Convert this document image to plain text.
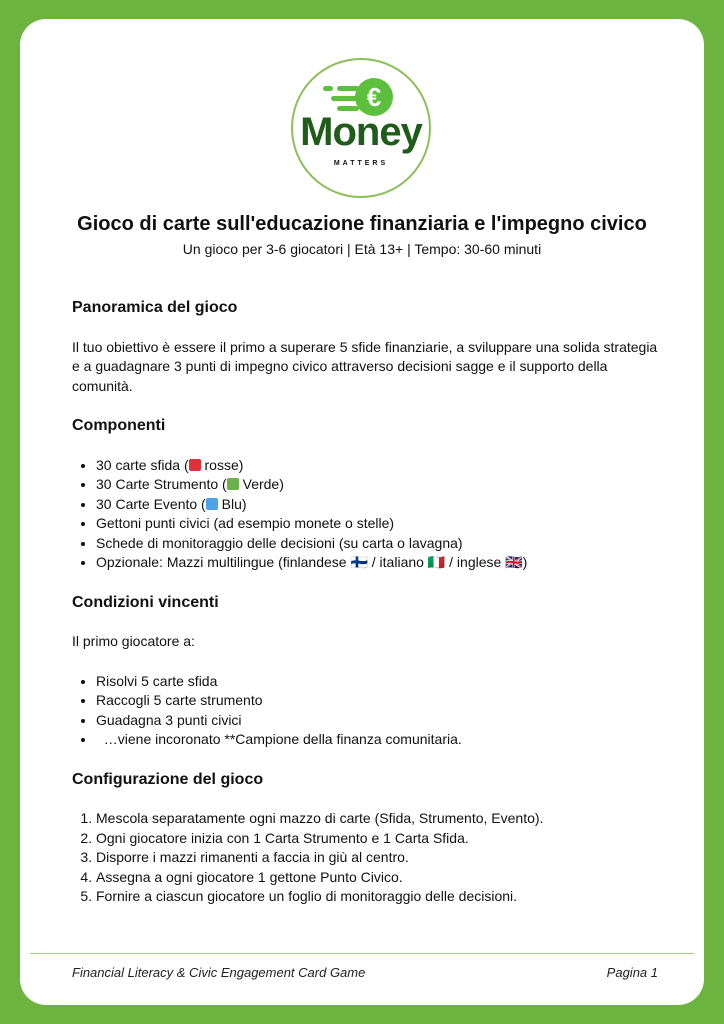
€
Money
MATTERS
Gioco di carte sull'educazione finanziaria e l'impegno civico
Un gioco per 3-6 giocatori | Età 13+ | Tempo: 30-60 minuti
Panoramica del gioco

Il tuo obiettivo è essere il primo a superare 5 sfide finanziarie, a sviluppare una solida strategia e a guadagnare 3 punti di impegno civico attraverso decisioni sagge e il supporto della comunità.

Componenti
• 30 carte sfida ( rosse)
• 30 Carte Strumento ( Verde)
• 30 Carte Evento ( Blu)
• Gettoni punti civici (ad esempio monete o stelle)
• Schede di monitoraggio delle decisioni (su carta o lavagna)
• Opzionale: Mazzi multilingue (finlandese 🇫🇮 / italiano 🇮🇹 / inglese 🇬🇧)
Condizioni vincenti

Il primo giocatore a:

• Risolvi 5 carte sfida
• Raccogli 5 carte strumento
• Guadagna 3 punti civici
•   …viene incoronato **Campione della finanza comunitaria.
Configurazione del gioco
1. Mescola separatamente ogni mazzo di carte (Sfida, Strumento, Evento).
2. Ogni giocatore inizia con 1 Carta Strumento e 1 Carta Sfida.
3. Disporre i mazzi rimanenti a faccia in giù al centro.
4. Assegna a ogni giocatore 1 gettone Punto Civico.
5. Fornire a ciascun giocatore un foglio di monitoraggio delle decisioni.
Financial Literacy & Civic Engagement Card Game	Pagina 1
